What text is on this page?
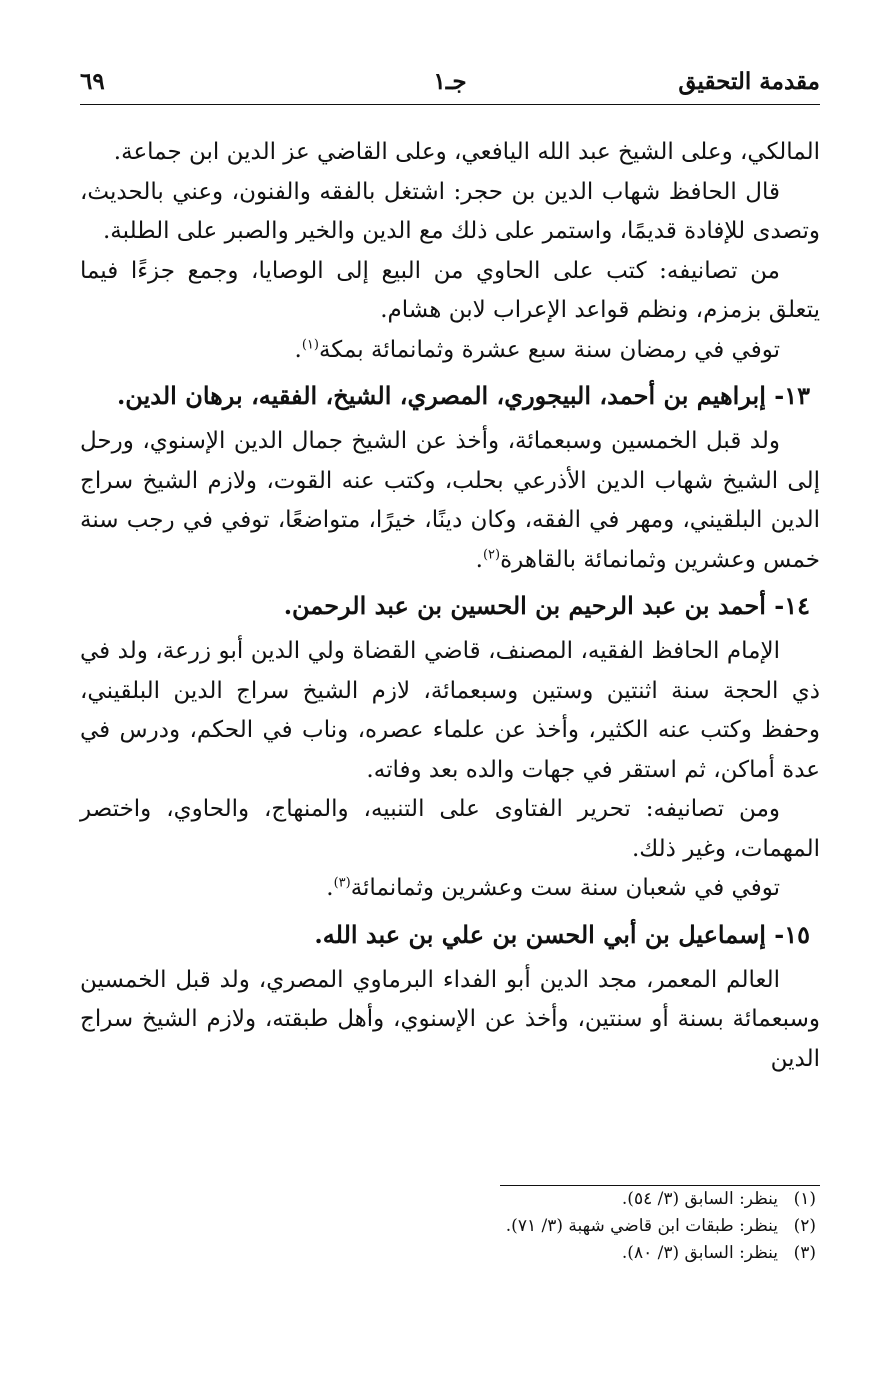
مقدمة التحقيق
جـ١
٦٩

المالكي، وعلى الشيخ عبد الله اليافعي، وعلى القاضي عز الدين ابن جماعة.

قال الحافظ شهاب الدين بن حجر: اشتغل بالفقه والفنون، وعني بالحديث، وتصدى للإفادة قديمًا، واستمر على ذلك مع الدين والخير والصبر على الطلبة.

من تصانيفه: كتب على الحاوي من البيع إلى الوصايا، وجمع جزءًا فيما يتعلق بزمزم، ونظم قواعد الإعراب لابن هشام.

توفي في رمضان سنة سبع عشرة وثمانمائة بمكة$^{(١)}$.

١٣- إبراهيم بن أحمد، البيجوري، المصري، الشيخ، الفقيه، برهان الدين.

ولد قبل الخمسين وسبعمائة، وأخذ عن الشيخ جمال الدين الإسنوي، ورحل إلى الشيخ شهاب الدين الأذرعي بحلب، وكتب عنه القوت، ولازم الشيخ سراج الدين البلقيني، ومهر في الفقه، وكان دينًا، خيرًا، متواضعًا، توفي في رجب سنة خمس وعشرين وثمانمائة بالقاهرة$^{(٢)}$.

١٤- أحمد بن عبد الرحيم بن الحسين بن عبد الرحمن.

الإمام الحافظ الفقيه، المصنف، قاضي القضاة ولي الدين أبو زرعة، ولد في ذي الحجة سنة اثنتين وستين وسبعمائة، لازم الشيخ سراج الدين البلقيني، وحفظ وكتب عنه الكثير، وأخذ عن علماء عصره، وناب في الحكم، ودرس في عدة أماكن، ثم استقر في جهات والده بعد وفاته.

ومن تصانيفه: تحرير الفتاوى على التنبيه، والمنهاج، والحاوي، واختصر المهمات، وغير ذلك.

توفي في شعبان سنة ست وعشرين وثمانمائة$^{(٣)}$.

١٥- إسماعيل بن أبي الحسن بن علي بن عبد الله.

العالم المعمر، مجد الدين أبو الفداء البرماوي المصري، ولد قبل الخمسين وسبعمائة بسنة أو سنتين، وأخذ عن الإسنوي، وأهل طبقته، ولازم الشيخ سراج الدين

(١)ينظر: السابق (٣/ ٥٤).

(٢)ينظر: طبقات ابن قاضي شهبة (٣/ ٧١).

(٣)ينظر: السابق (٣/ ٨٠).
